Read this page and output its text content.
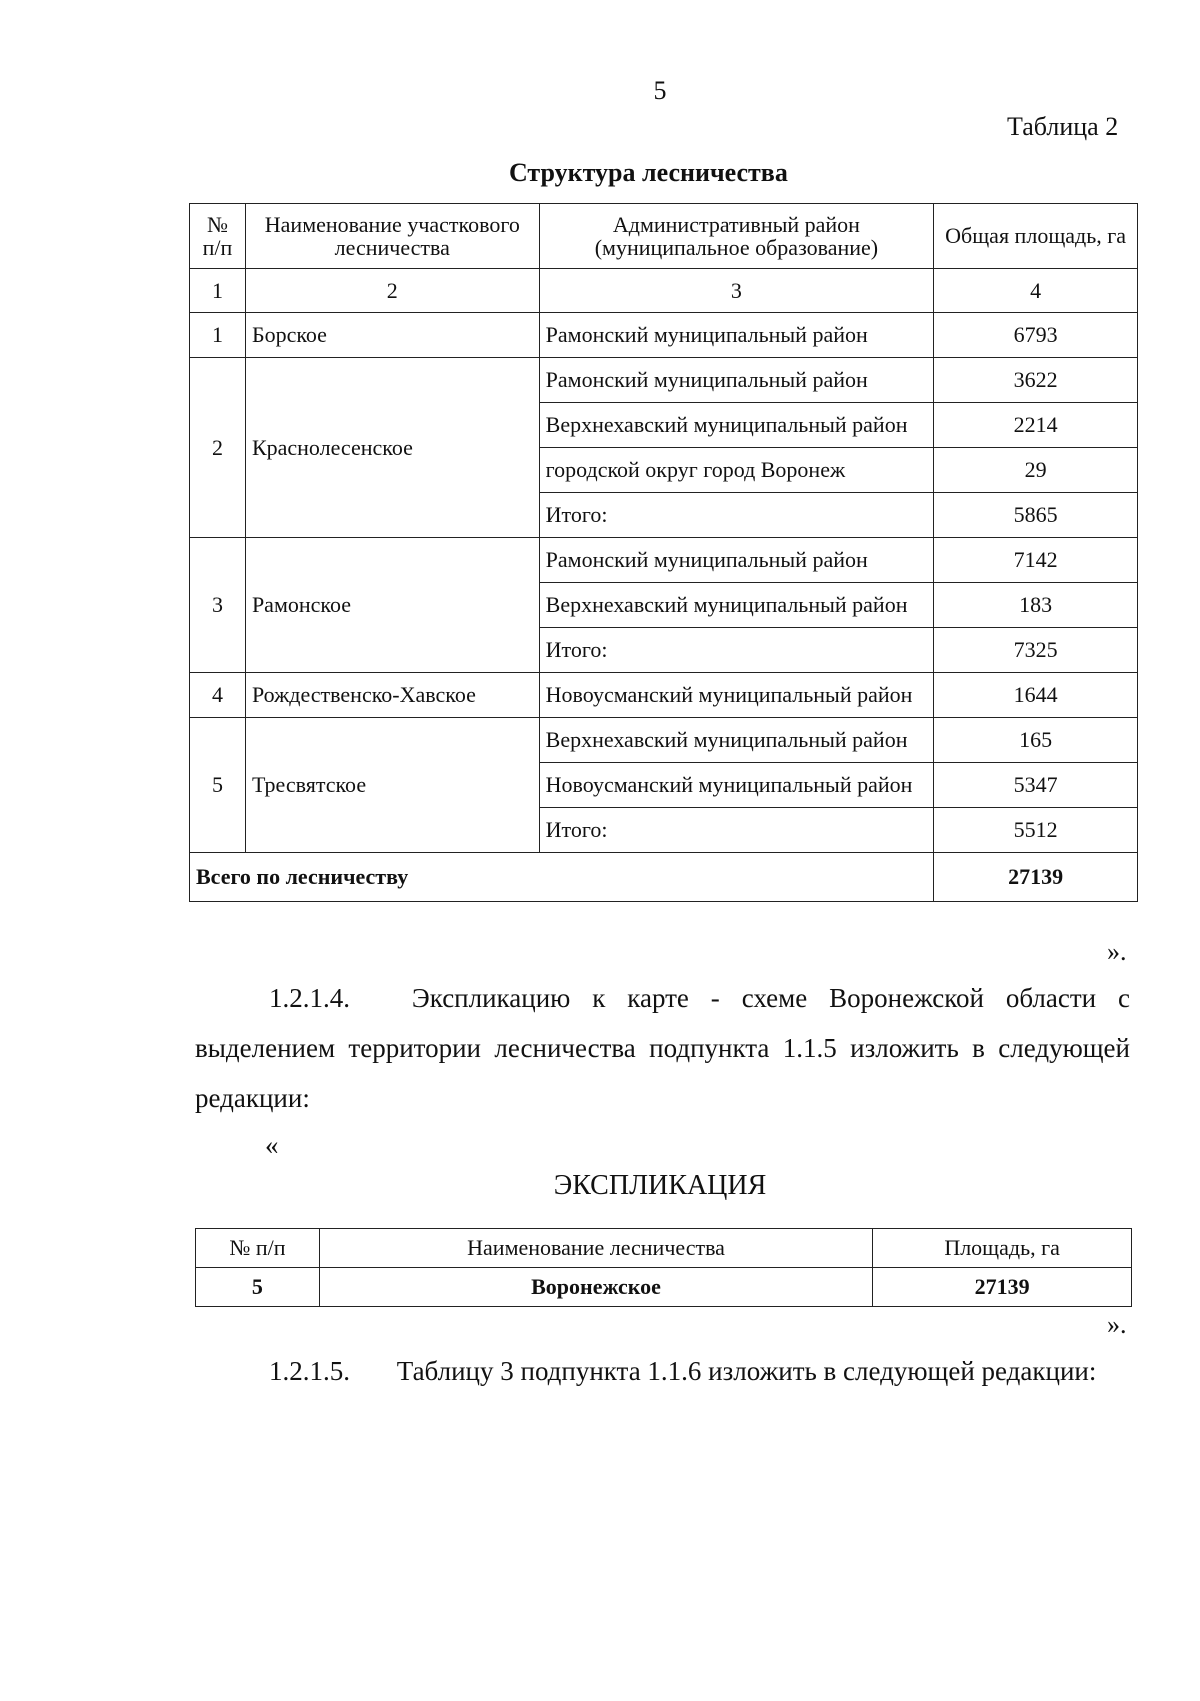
5
Таблица 2
Структура лесничества
№ п/п	Наименование участкового лесничества	Административный район (муниципальное образование)	Общая площадь, га
1	2	3	4
1	Борское	Рамонский муниципальный район	6793
2	Краснолесенское	Рамонский муниципальный район	3622
		Верхнехавский муниципальный район	2214
		городской округ город Воронеж	29
		Итого:	5865
3	Рамонское	Рамонский муниципальный район	7142
		Верхнехавский муниципальный район	183
		Итого:	7325
4	Рождественско-Хавское	Новоусманский муниципальный район	1644
5	Тресвятское	Верхнехавский муниципальный район	165
		Новоусманский муниципальный район	5347
		Итого:	5512
Всего по лесничеству			27139
».
1.2.1.4. Экспликацию к карте - схеме Воронежской области с выделением территории лесничества подпункта 1.1.5 изложить в следующей редакции:
«
ЭКСПЛИКАЦИЯ
№ п/п	Наименование лесничества	Площадь, га
5	Воронежское	27139
».
1.2.1.5. Таблицу 3 подпункта 1.1.6 изложить в следующей редакции:
